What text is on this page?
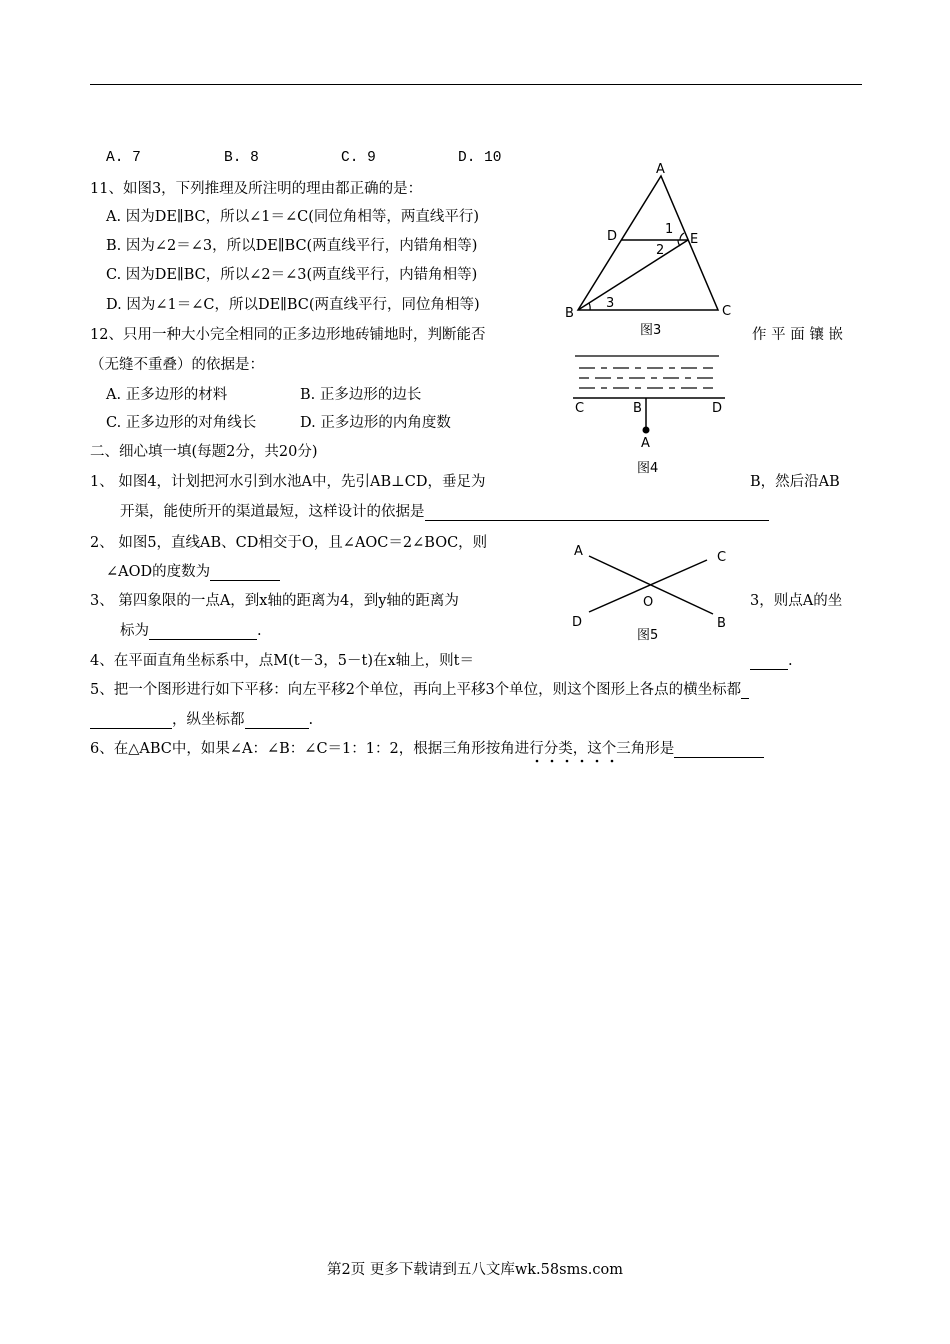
A. 7	B. 8	C. 9	D. 10
11、如图3，下列推理及所注明的理由都正确的是：
A. 因为DE∥BC，所以∠1＝∠C(同位角相等，两直线平行)
B. 因为∠2＝∠3，所以DE∥BC(两直线平行，内错角相等)
C. 因为DE∥BC，所以∠2＝∠3(两直线平行，内错角相等)
D. 因为∠1＝∠C，所以DE∥BC(两直线平行，同位角相等)
12、只用一种大小完全相同的正多边形地砖铺地时，判断能否	作 平 面 镶 嵌
（无缝不重叠）的依据是：
A. 正多边形的材料	B. 正多边形的边长
C. 正多边形的对角线长	D. 正多边形的内角度数
二、细心填一填(每题2分，共20分)
1、 如图4，计划把河水引到水池A中，先引AB⊥CD，垂足为	B，然后沿AB
开渠，能使所开的渠道最短，这样设计的依据是
2、 如图5，直线AB、CD相交于O，且∠AOC＝2∠BOC，则
∠AOD的度数为
3、 第四象限的一点A，到x轴的距离为4，到y轴的距离为	3，则点A的坐
标为	.
4、在平面直角坐标系中，点M(t－3，5－t)在x轴上，则t＝	.
5、把一个图形进行如下平移：向左平移2个单位，再向上平移3个单位，则这个图形上各点的横坐标都
，纵坐标都	.
6、在△ABC中，如果∠A：∠B：∠C＝1：1：2，根据三角形按角进行分类，这个三角形是
A
D	E
1
2
3
B	C
图3
C	B	D
A
图4
A	C
O
D	B
图5
第2页 更多下载请到五八文库wk.58sms.com
